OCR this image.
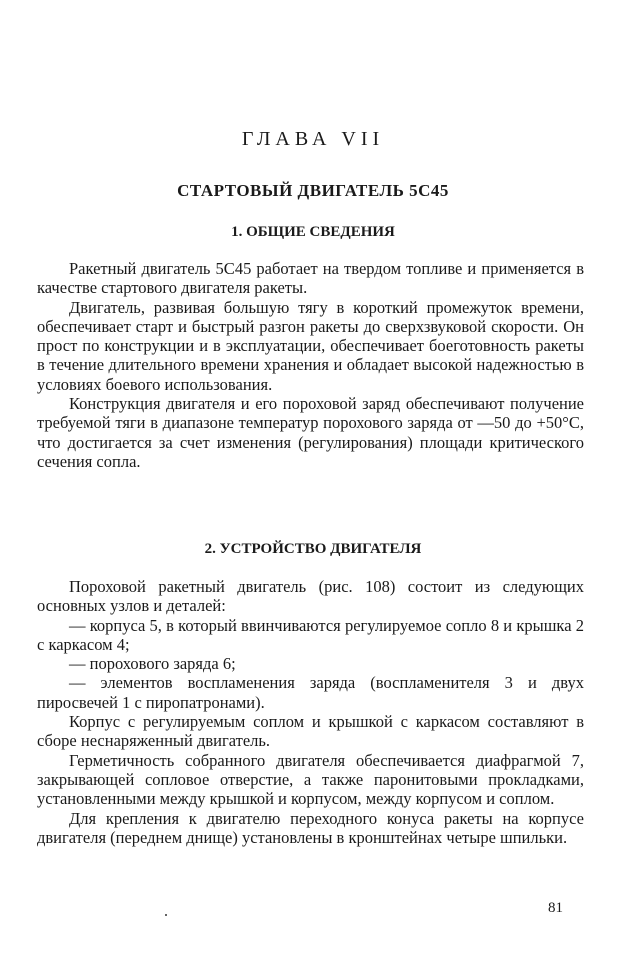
ГЛАВА VII
СТАРТОВЫЙ ДВИГАТЕЛЬ 5С45
1. ОБЩИЕ СВЕДЕНИЯ

Ракетный двигатель 5С45 работает на твердом топливе и применяется в качестве стартового двигателя ракеты.

Двигатель, развивая большую тягу в короткий промежуток времени, обеспечивает старт и быстрый разгон ракеты до сверхзвуковой скорости. Он прост по конструкции и в эксплуатации, обеспечивает боеготовность ракеты в течение длительного времени хранения и обладает высокой надежностью в условиях боевого использования.

Конструкция двигателя и его пороховой заряд обеспечивают получение требуемой тяги в диапазоне температур порохового заряда от —50 до +50°С, что достигается за счет изменения (регулирования) площади критического сечения сопла.

2. УСТРОЙСТВО ДВИГАТЕЛЯ

Пороховой ракетный двигатель (рис. 108) состоит из следующих основных узлов и деталей:

— корпуса 5, в который ввинчиваются регулируемое сопло 8 и крышка 2 с каркасом 4;

— порохового заряда 6;

— элементов воспламенения заряда (воспламенителя 3 и двух пиросвечей 1 с пиропатронами).

Корпус с регулируемым соплом и крышкой с каркасом составляют в сборе неснаряженный двигатель.

Герметичность собранного двигателя обеспечивается диафрагмой 7, закрывающей сопловое отверстие, а также паронитовыми прокладками, установленными между крышкой и корпусом, между корпусом и соплом.

Для крепления к двигателю переходного конуса ракеты на корпусе двигателя (переднем днище) установлены в кронштейнах четыре шпильки.

81
